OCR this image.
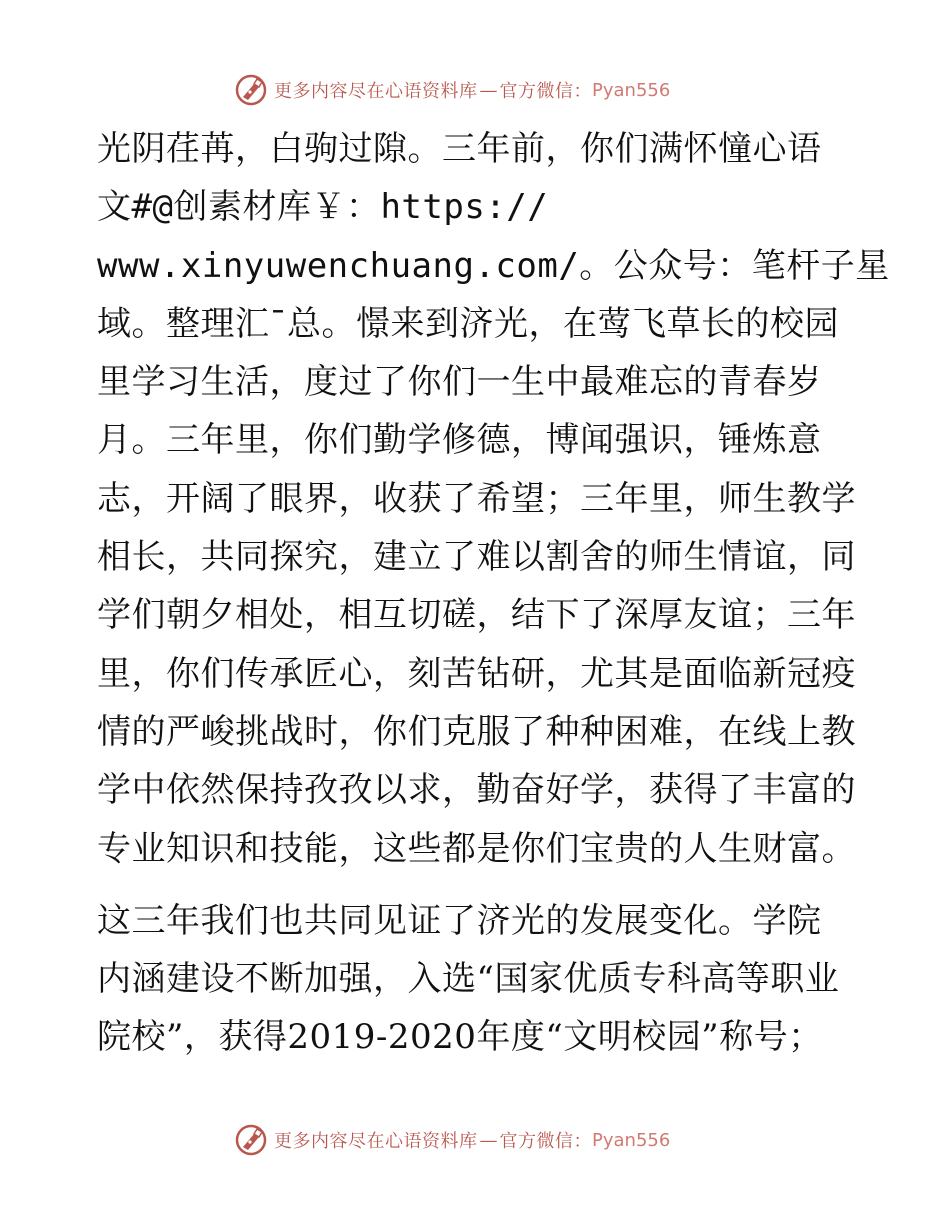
更多内容尽在心语资料库 — 官方微信： Pyan556
光阴荏苒，白驹过隙。三年前，你们满怀憧心语
文#@创素材库￥：https://
www.xinyuwenchuang.com/。公众号：笔杆子星
域。整理汇¯总。憬来到济光，在莺飞草长的校园
里学习生活，度过了你们一生中最难忘的青春岁
月。三年里，你们勤学修德，博闻强识，锤炼意
志，开阔了眼界，收获了希望；三年里，师生教学
相长，共同探究，建立了难以割舍的师生情谊，同
学们朝夕相处，相互切磋，结下了深厚友谊；三年
里，你们传承匠心，刻苦钻研，尤其是面临新冠疫
情的严峻挑战时，你们克服了种种困难，在线上教
学中依然保持孜孜以求，勤奋好学，获得了丰富的
专业知识和技能，这些都是你们宝贵的人生财富。
这三年我们也共同见证了济光的发展变化。学院
内涵建设不断加强，入选“国家优质专科高等职业
院校”，获得2019-2020年度“文明校园”称号；
更多内容尽在心语资料库 — 官方微信： Pyan556
